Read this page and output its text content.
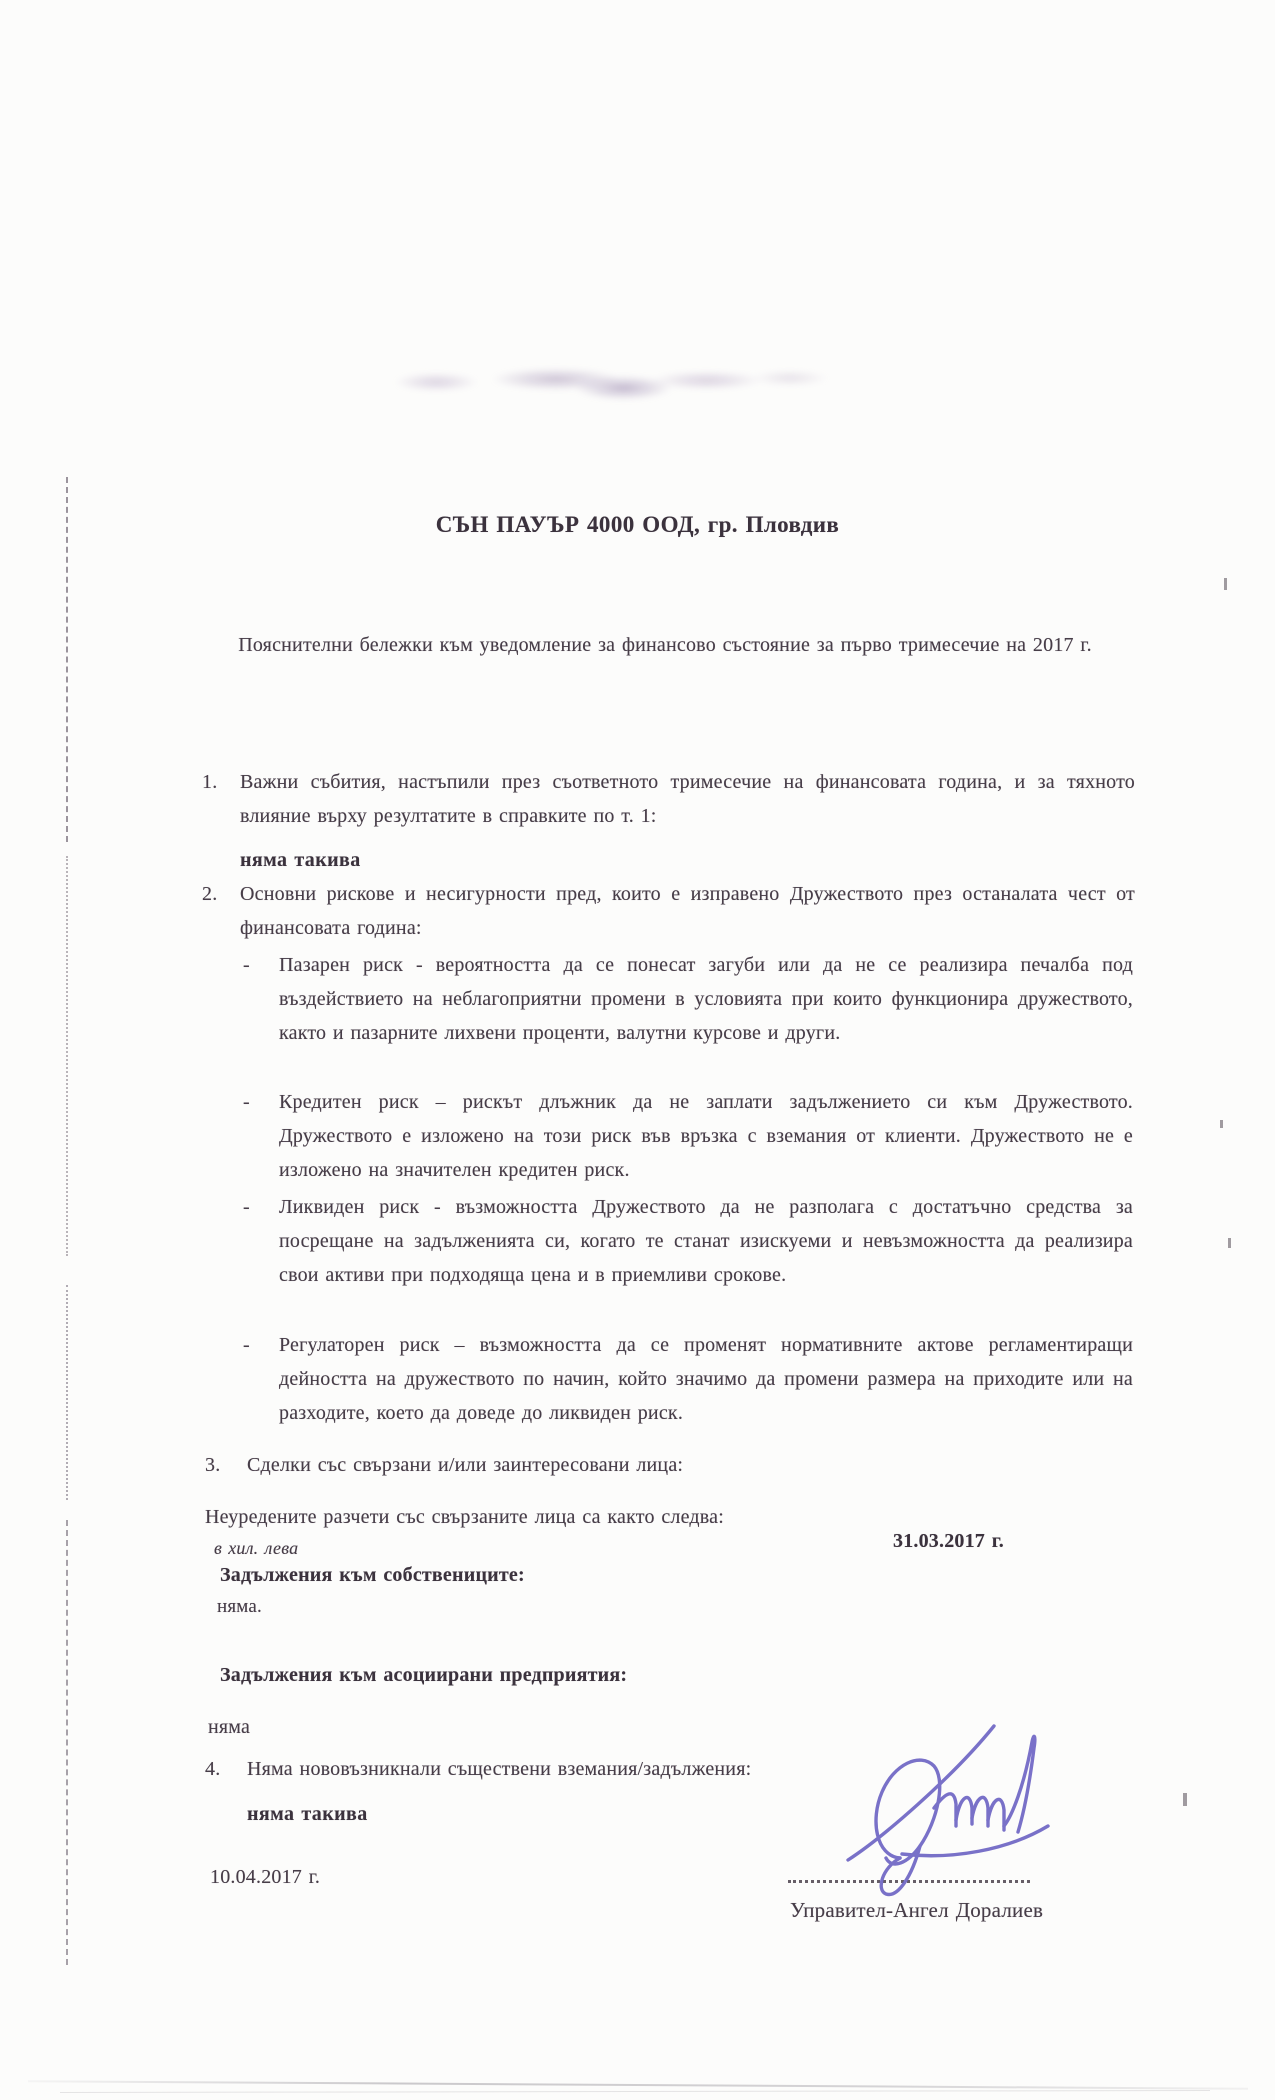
СЪН ПАУЪР 4000 ООД, гр. Пловдив
Пояснителни бележки към уведомление за финансово състояние за първо тримесечие на 2017 г.
1. Важни събития, настъпили през съответното тримесечие на финансовата година, и за тяхното влияние върху резултатите в справките по т. 1:
няма такива
2. Основни рискове и несигурности пред, които е изправено Дружеството през останалата чест от финансовата година:
- Пазарен риск - вероятността да се понесат загуби или да не се реализира печалба под въздействието на неблагоприятни промени в условията при които функционира дружеството, както и пазарните лихвени проценти, валутни курсове и други.
- Кредитен риск – рискът длъжник да не заплати задължението си към Дружеството. Дружеството е изложено на този риск във връзка с вземания от клиенти. Дружеството не е изложено на значителен кредитен риск.
- Ликвиден риск - възможността Дружеството да не разполага с достатъчно средства за посрещане на задълженията си, когато те станат изискуеми и невъзможността да реализира свои активи при подходяща цена и в приемливи срокове.
- Регулаторен риск – възможността да се променят нормативните актове регламентиращи дейността на дружеството по начин, който значимо да промени размера на приходите или на разходите, което да доведе до ликвиден риск.
3. Сделки със свързани и/или заинтересовани лица:
Неуредените разчети със свързаните лица са както следва:
в хил. лева	31.03.2017 г.
Задължения към собствениците:
няма.
Задължения към асоциирани предприятия:
няма
4. Няма нововъзникнали съществени вземания/задължения:
няма такива
10.04.2017 г.
Управител-Ангел Доралиев
